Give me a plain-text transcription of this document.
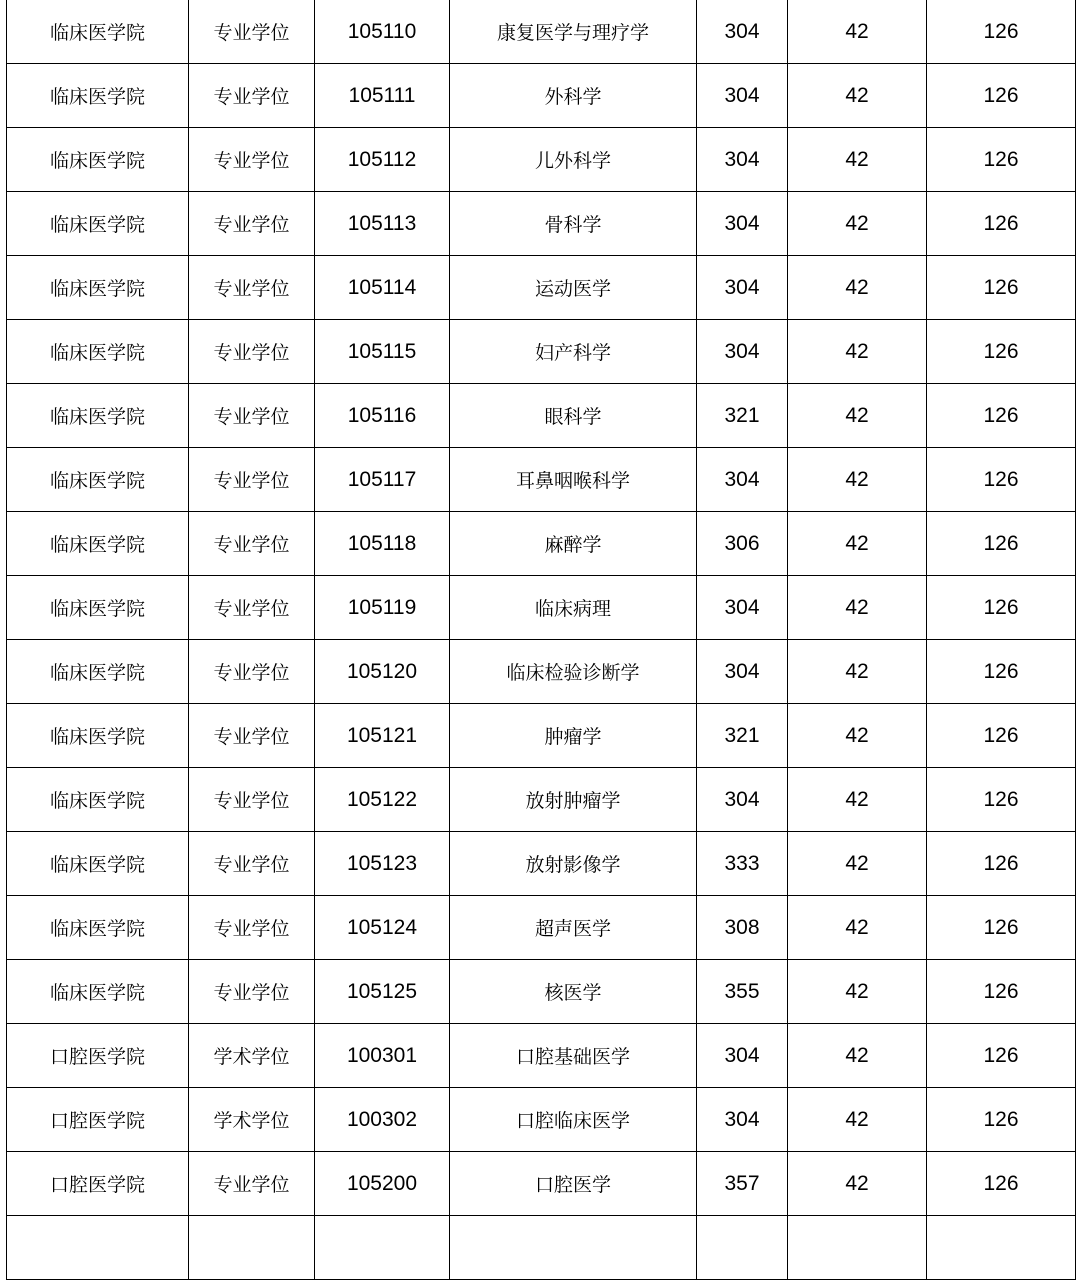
临床医学院	专业学位	105110	康复医学与理疗学	304	42	126
临床医学院	专业学位	105111	外科学	304	42	126
临床医学院	专业学位	105112	儿外科学	304	42	126
临床医学院	专业学位	105113	骨科学	304	42	126
临床医学院	专业学位	105114	运动医学	304	42	126
临床医学院	专业学位	105115	妇产科学	304	42	126
临床医学院	专业学位	105116	眼科学	321	42	126
临床医学院	专业学位	105117	耳鼻咽喉科学	304	42	126
临床医学院	专业学位	105118	麻醉学	306	42	126
临床医学院	专业学位	105119	临床病理	304	42	126
临床医学院	专业学位	105120	临床检验诊断学	304	42	126
临床医学院	专业学位	105121	肿瘤学	321	42	126
临床医学院	专业学位	105122	放射肿瘤学	304	42	126
临床医学院	专业学位	105123	放射影像学	333	42	126
临床医学院	专业学位	105124	超声医学	308	42	126
临床医学院	专业学位	105125	核医学	355	42	126
口腔医学院	学术学位	100301	口腔基础医学	304	42	126
口腔医学院	学术学位	100302	口腔临床医学	304	42	126
口腔医学院	专业学位	105200	口腔医学	357	42	126
